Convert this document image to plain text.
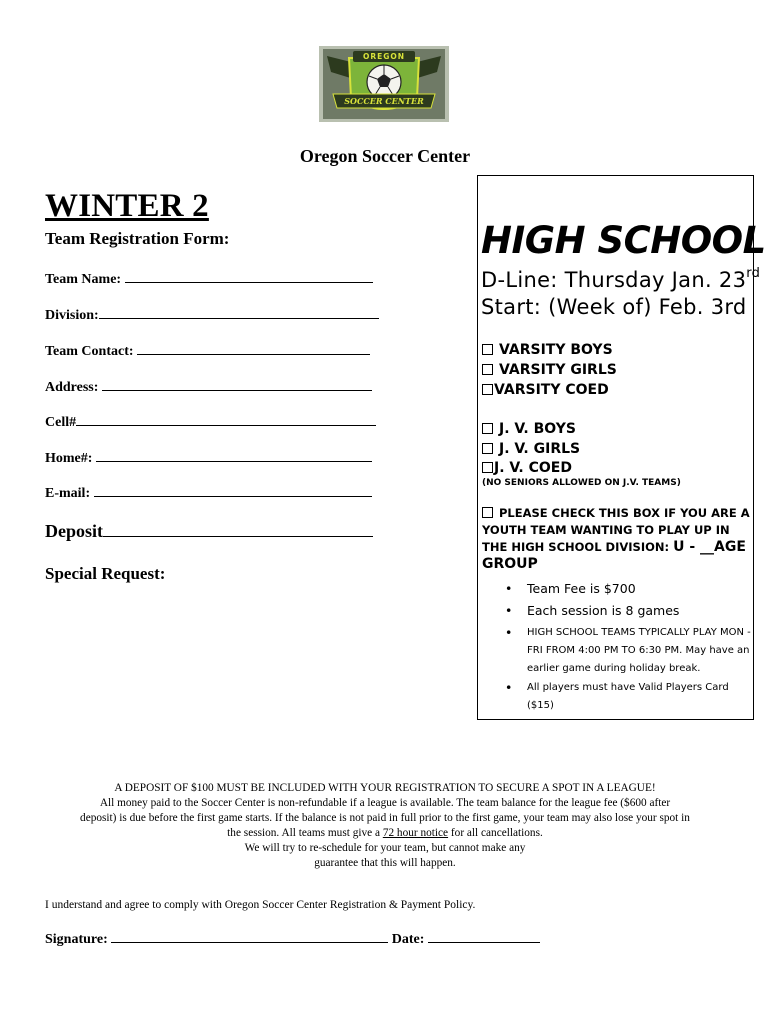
OREGON
SOCCER CENTER
Oregon Soccer Center
WINTER 2
Team Registration Form:
Team Name:
Division:
Team Contact:
Address:
Cell#
Home#:
E-mail:
Deposit
Special Request:
HIGH SCHOOL
D-Line: Thursday Jan. 23rd
Start: (Week of) Feb. 3rd
VARSITY BOYS
VARSITY GIRLS
VARSITY COED
J. V. BOYS
J. V. GIRLS
J. V. COED
(NO SENIORS ALLOWED ON J.V. TEAMS)
PLEASE CHECK THIS BOX IF YOU ARE A YOUTH TEAM WANTING TO PLAY UP IN THE HIGH SCHOOL DIVISION: U - __AGE GROUP
• Team Fee is $700
• Each session is 8 games
• HIGH SCHOOL TEAMS TYPICALLY PLAY MON - FRI FROM 4:00 PM TO 6:30 PM. May have an earlier game during holiday break.
• All players must have Valid Players Card ($15)
A DEPOSIT OF $100 MUST BE INCLUDED WITH YOUR REGISTRATION TO SECURE A SPOT IN A LEAGUE!
All money paid to the Soccer Center is non-refundable if a league is available. The team balance for the league fee ($600 after
deposit) is due before the first game starts. If the balance is not paid in full prior to the first game, your team may also lose your spot in
the session. All teams must give a 72 hour notice for all cancellations.
We will try to re-schedule for your team, but cannot make any
guarantee that this will happen.
I understand and agree to comply with Oregon Soccer Center Registration & Payment Policy.
Signature:	Date:
